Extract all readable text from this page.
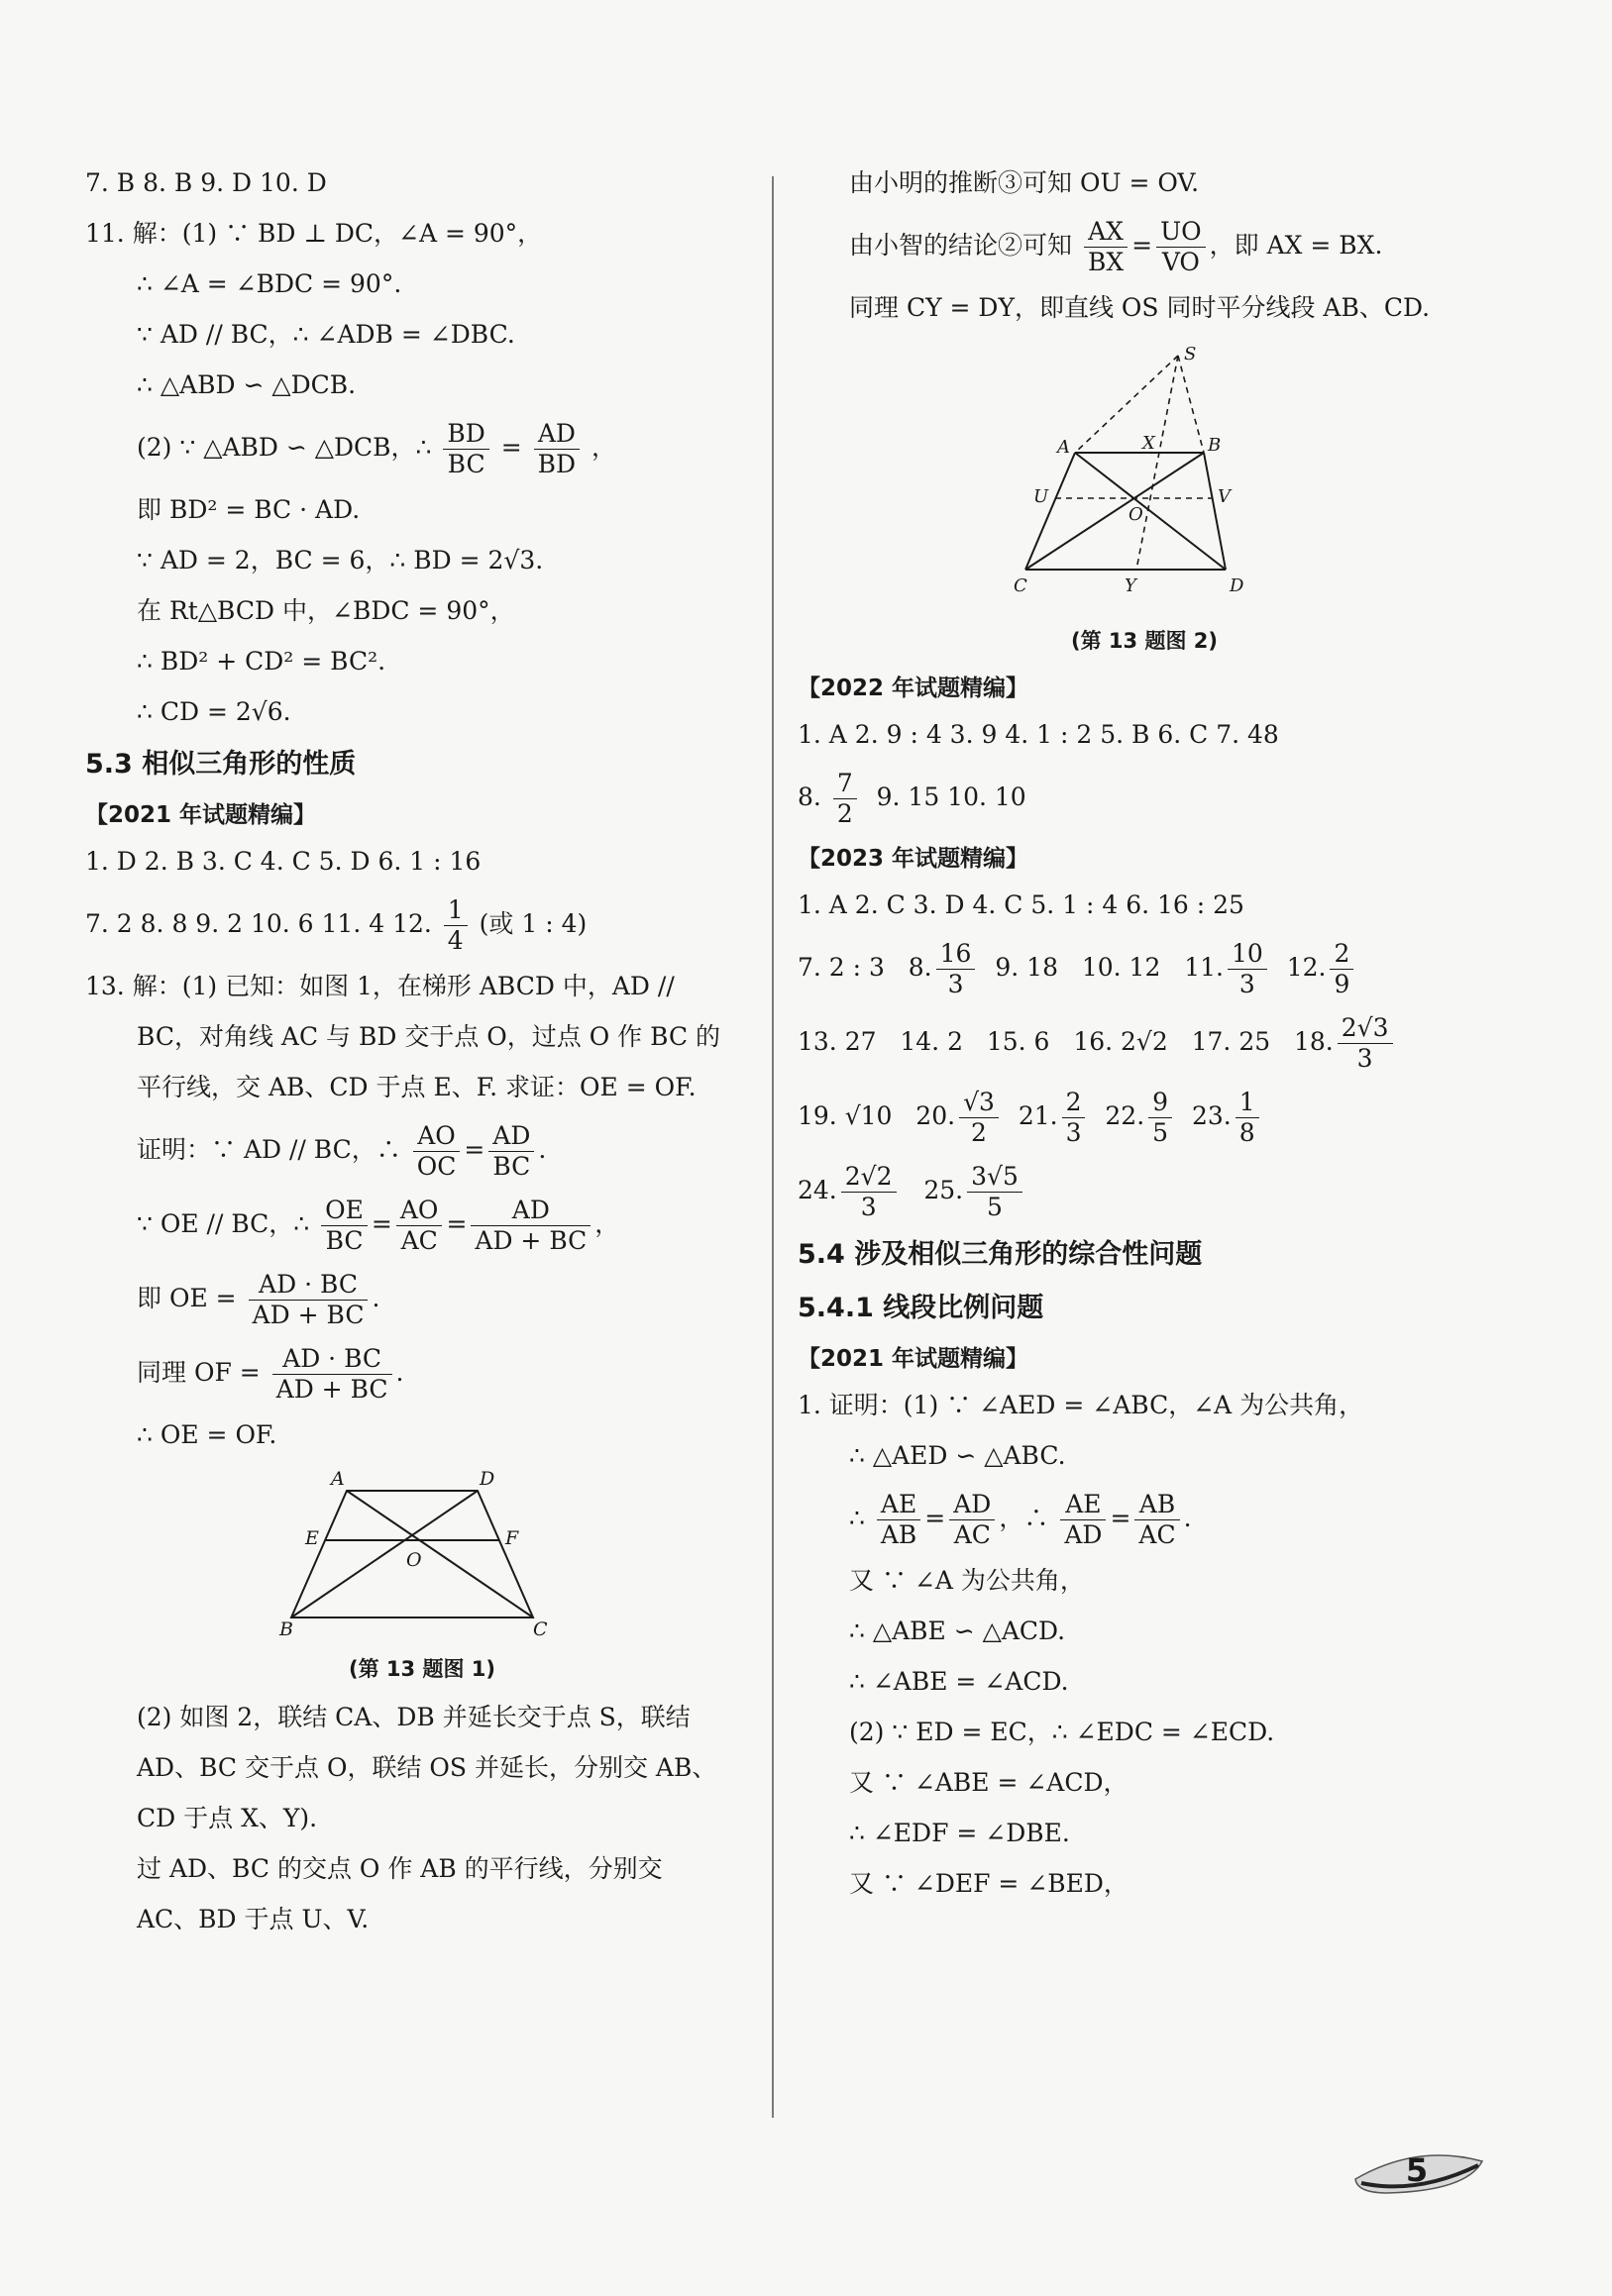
7. B 8. B 9. D 10. D
11. 解：(1) ∵ BD ⊥ DC，∠A = 90°，
∴ ∠A = ∠BDC = 90°.
∵ AD // BC，∴ ∠ADB = ∠DBC.
∴ △ABD ∽ △DCB.
(2) ∵ △ABD ∽ △DCB，∴ $\frac{BD}{BC} = \frac{AD}{BD}$ ，
即 BD² = BC · AD.
∵ AD = 2，BC = 6，∴ BD = 2√3.
在 Rt△BCD 中，∠BDC = 90°，
∴ BD² + CD² = BC².
∴ CD = 2√6.
5.3 相似三角形的性质
【2021 年试题精编】
1. D 2. B 3. C 4. C 5. D 6. 1 : 16
7. 2 8. 8 9. 2 10. 6 11. 4 12. $\frac{1}{4}$ (或 1 : 4)
13. 解：(1) 已知：如图 1，在梯形 ABCD 中，AD //
BC，对角线 AC 与 BD 交于点 O，过点 O 作 BC 的
平行线，交 AB、CD 于点 E、F. 求证：OE = OF.
证明：∵ AD // BC，∴ $\frac{AO}{OC} = \frac{AD}{BC}$ .
∵ OE // BC，∴ $\frac{OE}{BC} = \frac{AO}{AC} = \frac{AD}{AD + BC}$ ，
即 OE = $\frac{AD \cdot BC}{AD + BC}$ .
同理 OF = $\frac{AD \cdot BC}{AD + BC}$ .
∴ OE = OF.
A	D
E	F
O
B	C
(第 13 题图 1)
(2) 如图 2，联结 CA、DB 并延长交于点 S，联结
AD、BC 交于点 O，联结 OS 并延长，分别交 AB、
CD 于点 X、Y).
过 AD、BC 的交点 O 作 AB 的平行线，分别交
AC、BD 于点 U、V.
由小明的推断③可知 OU = OV.
由小智的结论②可知 $\frac{AX}{BX} = \frac{UO}{VO}$ ，即 AX = BX.
同理 CY = DY，即直线 OS 同时平分线段 AB、CD.
S
A	X	B
U	V
O
C	Y	D
(第 13 题图 2)
【2022 年试题精编】
1. A 2. 9 : 4 3. 9 4. 1 : 2 5. B 6. C 7. 48
8. $\frac{7}{2} 9$. 15 10. 10
【2023 年试题精编】
1. A 2. C 3. D 4. C 5. 1 : 4 6. 16 : 25
7. 2 : 3 8. $\frac{16}{3} 9$. 18 10. 12 11. $\frac{10}{3} 12$. $\frac{2}{9}$
13. 27 14. 2 15. 6 16. 2√2 17. 25 18. $\frac{2√3}{3}$
19. √10 20. $\frac{√3}{2} 21$. $\frac{2}{3} 22$. $\frac{9}{5} 23$. $\frac{1}{8}$
24. $\frac{2√2}{3} 25$. $\frac{3√5}{5}$
5.4 涉及相似三角形的综合性问题
5.4.1 线段比例问题
【2021 年试题精编】
1. 证明：(1) ∵ ∠AED = ∠ABC，∠A 为公共角，
∴ △AED ∽ △ABC.
∴ $\frac{AE}{AB} = \frac{AD}{AC}$ ，∴ $\frac{AE}{AD} = \frac{AB}{AC}$ .
又 ∵ ∠A 为公共角，
∴ △ABE ∽ △ACD.
∴ ∠ABE = ∠ACD.
(2) ∵ ED = EC，∴ ∠EDC = ∠ECD.
又 ∵ ∠ABE = ∠ACD，
∴ ∠EDF = ∠DBE.
又 ∵ ∠DEF = ∠BED，
5
